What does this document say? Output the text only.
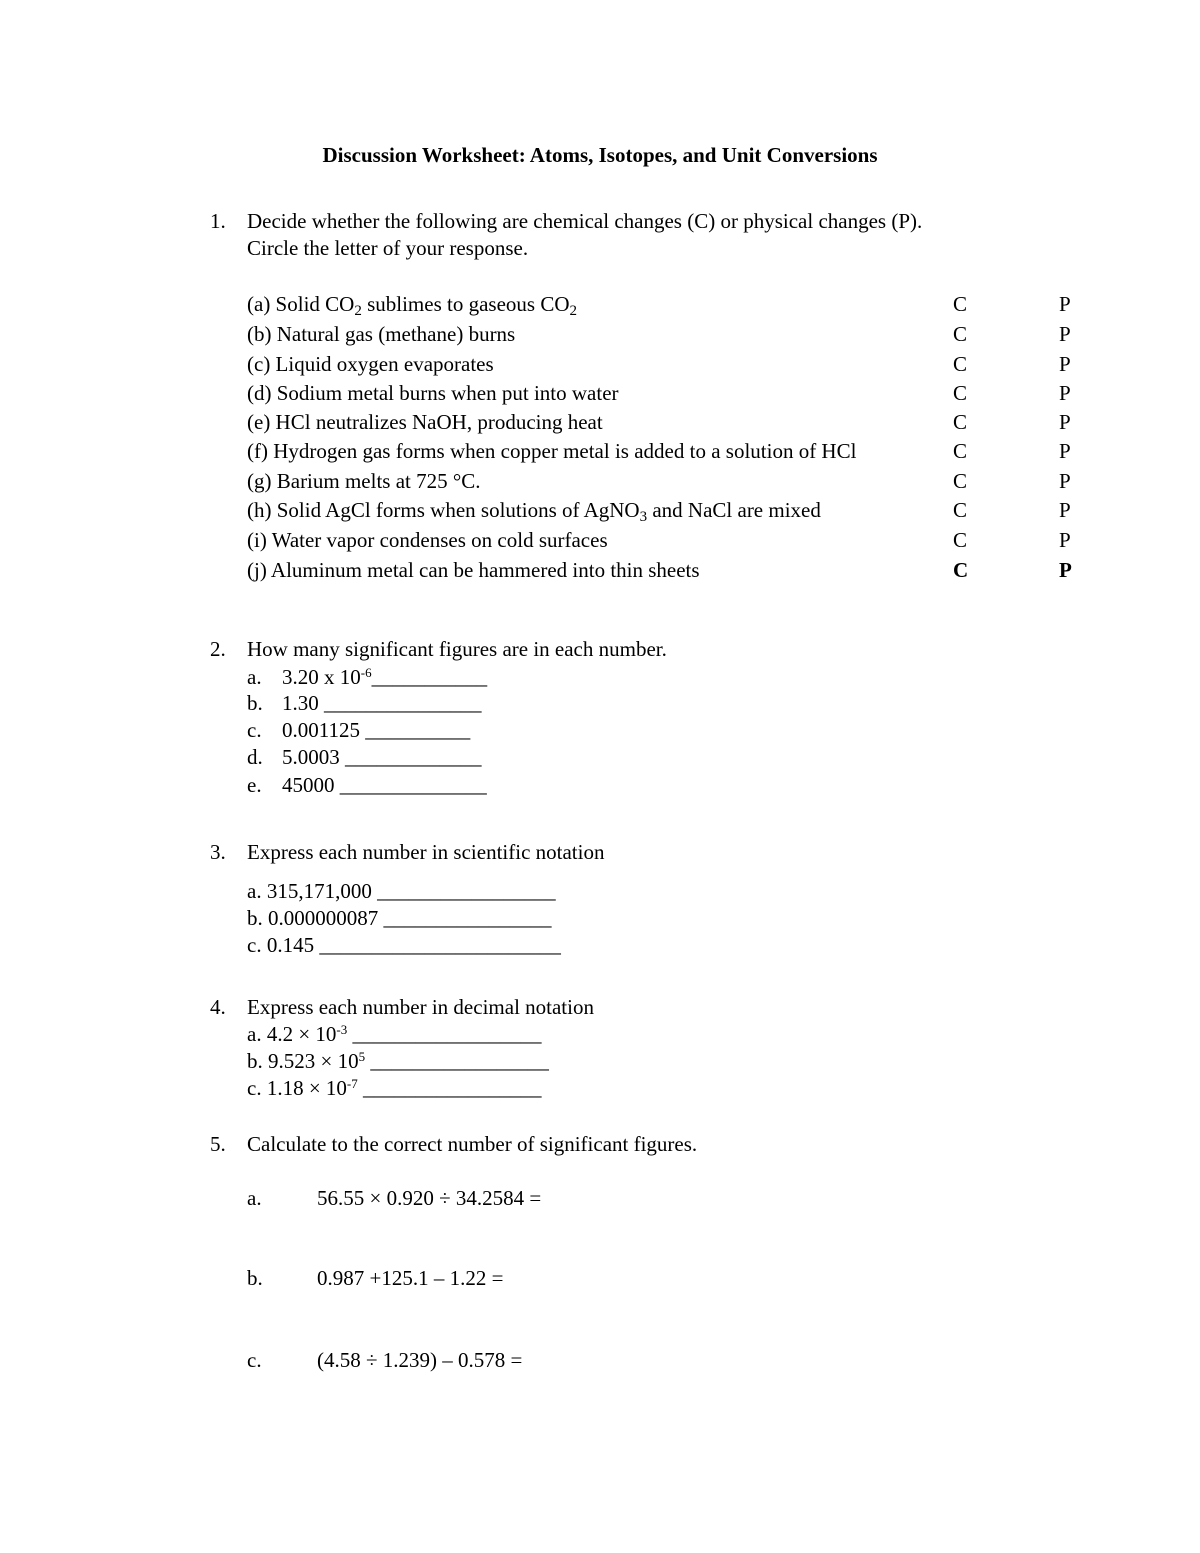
Discussion Worksheet: Atoms, Isotopes, and Unit Conversions
1. Decide whether the following are chemical changes (C) or physical changes (P).
Circle the letter of your response.
(a) Solid $CO_2$ sublimes to gaseous $CO_2$	C	P
(b) Natural gas (methane) burns	C	P
(c) Liquid oxygen evaporates	C	P
(d) Sodium metal burns when put into water	C	P
(e) HCl neutralizes NaOH, producing heat	C	P
(f) Hydrogen gas forms when copper metal is added to a solution of HCl	C	P
(g) Barium melts at 725 °C.	C	P
(h) Solid AgCl forms when solutions of AgNO$_3$ and NaCl are mixed	C	P
(i) Water vapor condenses on cold surfaces	C	P
(j) Aluminum metal can be hammered into thin sheets	C	P
2. How many significant figures are in each number.
a. 3.20 x $10^{-6}\_\_\_\_\_\_\_\_\_\_\_$
b. 1.30 _______________
c. 0.001125 __________
d. 5.0003 _____________
e. 45000 ______________
3. Express each number in scientific notation
a. 315,171,000 _________________
b. 0.000000087 ________________
c. 0.145 _______________________
4. Express each number in decimal notation
a. $4.2 \times 10^{-3}$ __________________
b. $9.523 \times 10^5$ _________________
c. $1.18 \times 10^{-7}$ _________________
5. Calculate to the correct number of significant figures.
a.	56.55 × 0.920 ÷ 34.2584 =
b.	0.987 +125.1 – 1.22 =
c.	(4.58 ÷ 1.239) – 0.578 =
